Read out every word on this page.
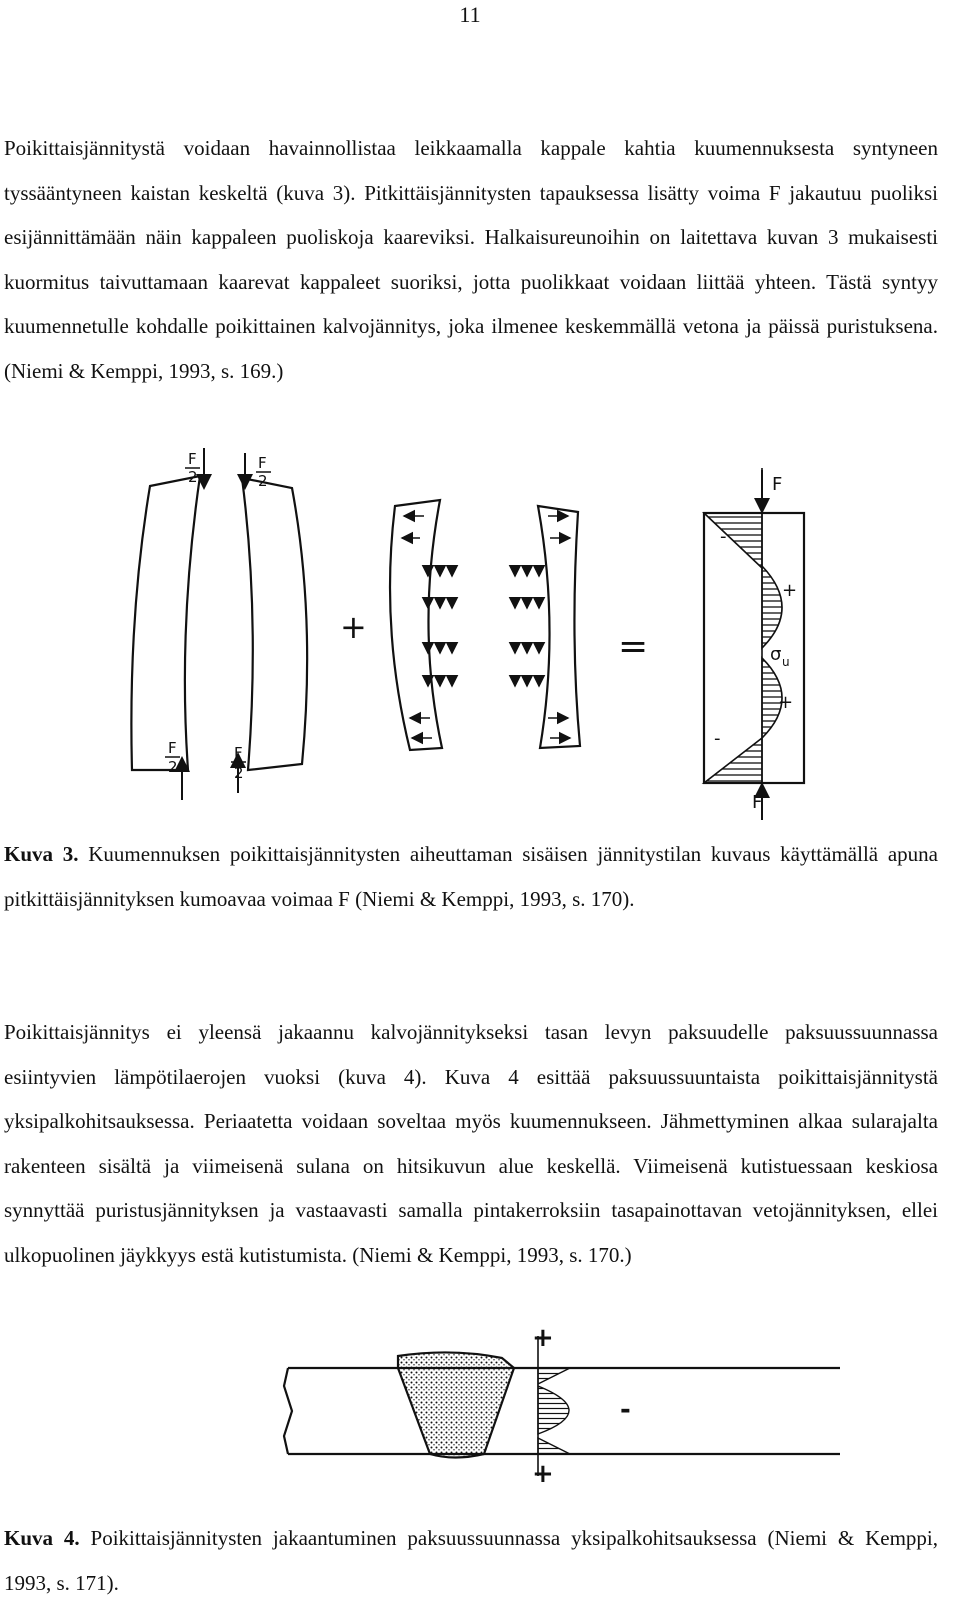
11

Poikittaisjännitystä voidaan havainnollistaa leikkaamalla kappale kahtia kuumennuksesta syntyneen tyssääntyneen kaistan keskeltä (kuva 3). Pitkittäisjännitysten tapauksessa lisätty voima F jakautuu puoliksi esijännittämään näin kappaleen puoliskoja kaareviksi. Halkaisureunoihin on laitettava kuvan 3 mukaisesti kuormitus taivuttamaan kaarevat kappaleet suoriksi, jotta puolikkaat voidaan liittää yhteen. Tästä syntyy kuumennetulle kohdalle poikittainen kalvojännitys, joka ilmenee keskemmällä vetona ja päissä puristuksena. (Niemi & Kemppi, 1993, s. 169.)

F
2
F
2
F
2
F
2
+	=
F
F
σ u
-
+
+
-

Kuva 3. Kuumennuksen poikittaisjännitysten aiheuttaman sisäisen jännitystilan kuvaus käyttämällä apuna pitkittäisjännityksen kumoavaa voimaa F (Niemi & Kemppi, 1993, s. 170).

Poikittaisjännitys ei yleensä jakaannu kalvojännitykseksi tasan levyn paksuudelle paksuussuunnassa esiintyvien lämpötilaerojen vuoksi (kuva 4). Kuva 4 esittää paksuussuuntaista poikittaisjännitystä yksipalkohitsauksessa. Periaatetta voidaan soveltaa myös kuumennukseen. Jähmettyminen alkaa sularajalta rakenteen sisältä ja viimeisenä sulana on hitsikuvun alue keskellä. Viimeisenä kutistuessaan keskiosa synnyttää puristusjännityksen ja vastaavasti samalla pintakerroksiin tasapainottavan vetojännityksen, ellei ulkopuolinen jäykkyys estä kutistumista. (Niemi & Kemppi, 1993, s. 170.)

+
-
+

Kuva 4. Poikittaisjännitysten jakaantuminen paksuussuunnassa yksipalkohitsauksessa (Niemi & Kemppi, 1993, s. 171).
